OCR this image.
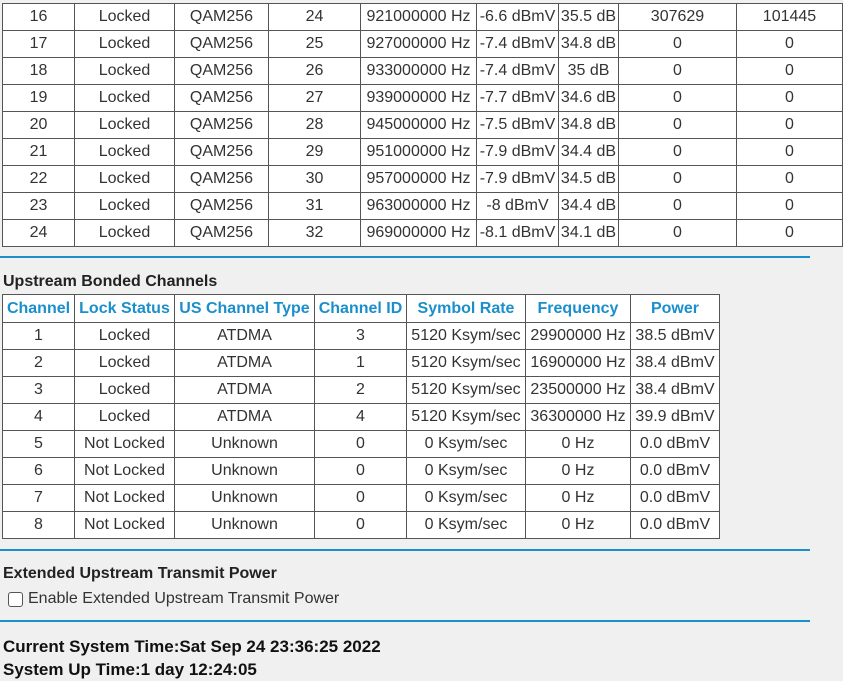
16	Locked	QAM256	24	921000000 Hz	-6.6 dBmV	35.5 dB	307629	101445
17	Locked	QAM256	25	927000000 Hz	-7.4 dBmV	34.8 dB	0	0
18	Locked	QAM256	26	933000000 Hz	-7.4 dBmV	35 dB	0	0
19	Locked	QAM256	27	939000000 Hz	-7.7 dBmV	34.6 dB	0	0
20	Locked	QAM256	28	945000000 Hz	-7.5 dBmV	34.8 dB	0	0
21	Locked	QAM256	29	951000000 Hz	-7.9 dBmV	34.4 dB	0	0
22	Locked	QAM256	30	957000000 Hz	-7.9 dBmV	34.5 dB	0	0
23	Locked	QAM256	31	963000000 Hz	-8 dBmV	34.4 dB	0	0
24	Locked	QAM256	32	969000000 Hz	-8.1 dBmV	34.1 dB	0	0
Upstream Bonded Channels
Channel	Lock Status	US Channel Type	Channel ID	Symbol Rate	Frequency	Power
1	Locked	ATDMA	3	5120 Ksym/sec	29900000 Hz	38.5 dBmV
2	Locked	ATDMA	1	5120 Ksym/sec	16900000 Hz	38.4 dBmV
3	Locked	ATDMA	2	5120 Ksym/sec	23500000 Hz	38.4 dBmV
4	Locked	ATDMA	4	5120 Ksym/sec	36300000 Hz	39.9 dBmV
5	Not Locked	Unknown	0	0 Ksym/sec	0 Hz	0.0 dBmV
6	Not Locked	Unknown	0	0 Ksym/sec	0 Hz	0.0 dBmV
7	Not Locked	Unknown	0	0 Ksym/sec	0 Hz	0.0 dBmV
8	Not Locked	Unknown	0	0 Ksym/sec	0 Hz	0.0 dBmV
Extended Upstream Transmit Power
Enable Extended Upstream Transmit Power
Current System Time:Sat Sep 24 23:36:25 2022
System Up Time:1 day 12:24:05
